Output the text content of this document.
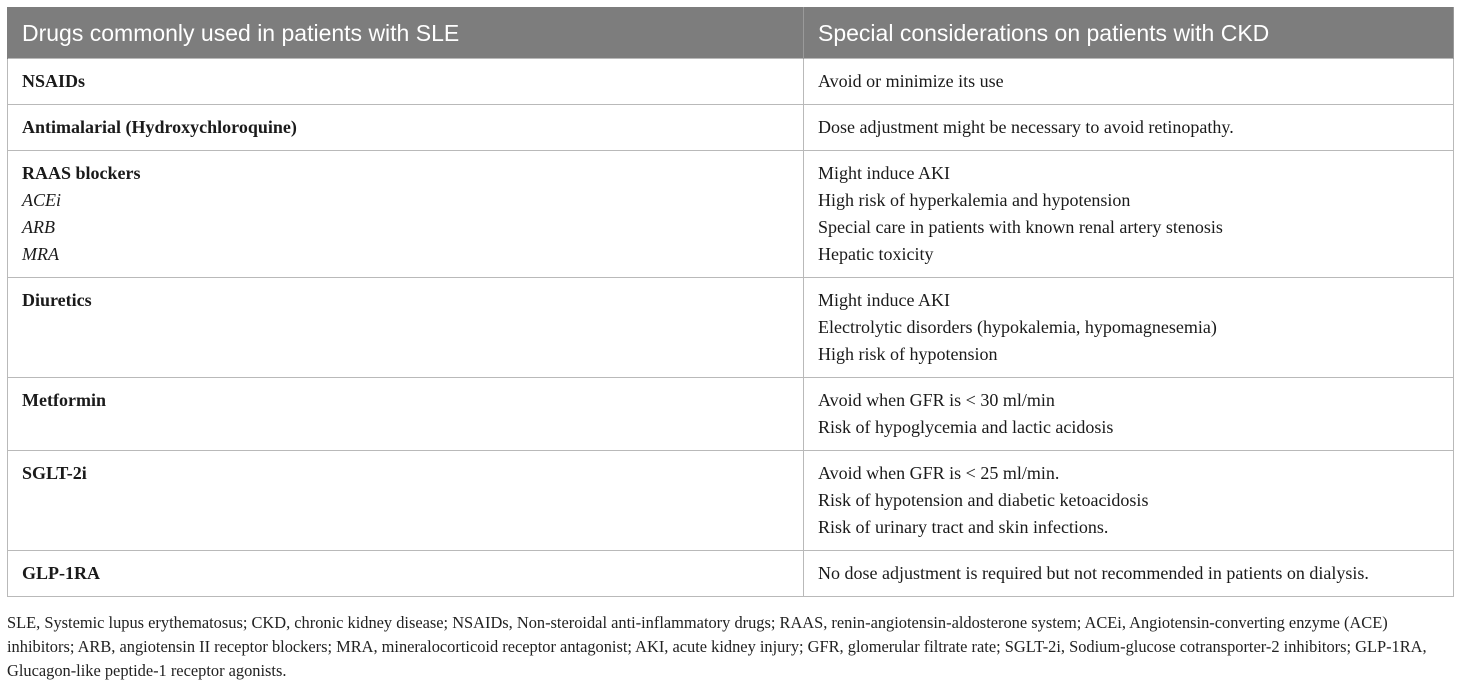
Drugs commonly used in patients with SLE	Special considerations on patients with CKD

NSAIDs	Avoid or minimize its use

Antimalarial (Hydroxychloroquine)	Dose adjustment might be necessary to avoid retinopathy.

RAAS blockers
ACEi
ARB
MRA	Might induce AKI
High risk of hyperkalemia and hypotension
Special care in patients with known renal artery stenosis
Hepatic toxicity

Diuretics	Might induce AKI
Electrolytic disorders (hypokalemia, hypomagnesemia)
High risk of hypotension

Metformin	Avoid when GFR is < 30 ml/min
Risk of hypoglycemia and lactic acidosis

SGLT-2i	Avoid when GFR is < 25 ml/min.
Risk of hypotension and diabetic ketoacidosis
Risk of urinary tract and skin infections.

GLP-1RA	No dose adjustment is required but not recommended in patients on dialysis.
SLE, Systemic lupus erythematosus; CKD, chronic kidney disease; NSAIDs, Non-steroidal anti-inflammatory drugs; RAAS, renin-angiotensin-aldosterone system; ACEi, Angiotensin-converting enzyme (ACE) inhibitors; ARB, angiotensin II receptor blockers; MRA, mineralocorticoid receptor antagonist; AKI, acute kidney injury; GFR, glomerular filtrate rate; SGLT-2i, Sodium-glucose cotransporter-2 inhibitors; GLP-1RA, Glucagon-like peptide-1 receptor agonists.
